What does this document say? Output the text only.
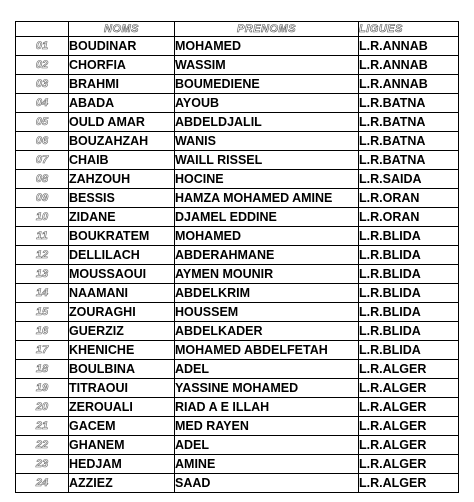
	NOMS	PRENOMS	LIGUES
01	BOUDINAR	MOHAMED	L.R.ANNAB
02	CHORFIA	WASSIM	L.R.ANNAB
03	BRAHMI	BOUMEDIENE	L.R.ANNAB
04	ABADA	AYOUB	L.R.BATNA
05	OULD AMAR	ABDELDJALIL	L.R.BATNA
06	BOUZAHZAH	WANIS	L.R.BATNA
07	CHAIB	WAILL RISSEL	L.R.BATNA
08	ZAHZOUH	HOCINE	L.R.SAIDA
09	BESSIS	HAMZA MOHAMED AMINE	L.R.ORAN
10	ZIDANE	DJAMEL EDDINE	L.R.ORAN
11	BOUKRATEM	MOHAMED	L.R.BLIDA
12	DELLILACH	ABDERAHMANE	L.R.BLIDA
13	MOUSSAOUI	AYMEN MOUNIR	L.R.BLIDA
14	NAAMANI	ABDELKRIM	L.R.BLIDA
15	ZOURAGHI	HOUSSEM	L.R.BLIDA
16	GUERZIZ	ABDELKADER	L.R.BLIDA
17	KHENICHE	MOHAMED ABDELFETAH	L.R.BLIDA
18	BOULBINA	ADEL	L.R.ALGER
19	TITRAOUI	YASSINE MOHAMED	L.R.ALGER
20	ZEROUALI	RIAD A E ILLAH	L.R.ALGER
21	GACEM	MED RAYEN	L.R.ALGER
22	GHANEM	ADEL	L.R.ALGER
23	HEDJAM	AMINE	L.R.ALGER
24	AZZIEZ	SAAD	L.R.ALGER
